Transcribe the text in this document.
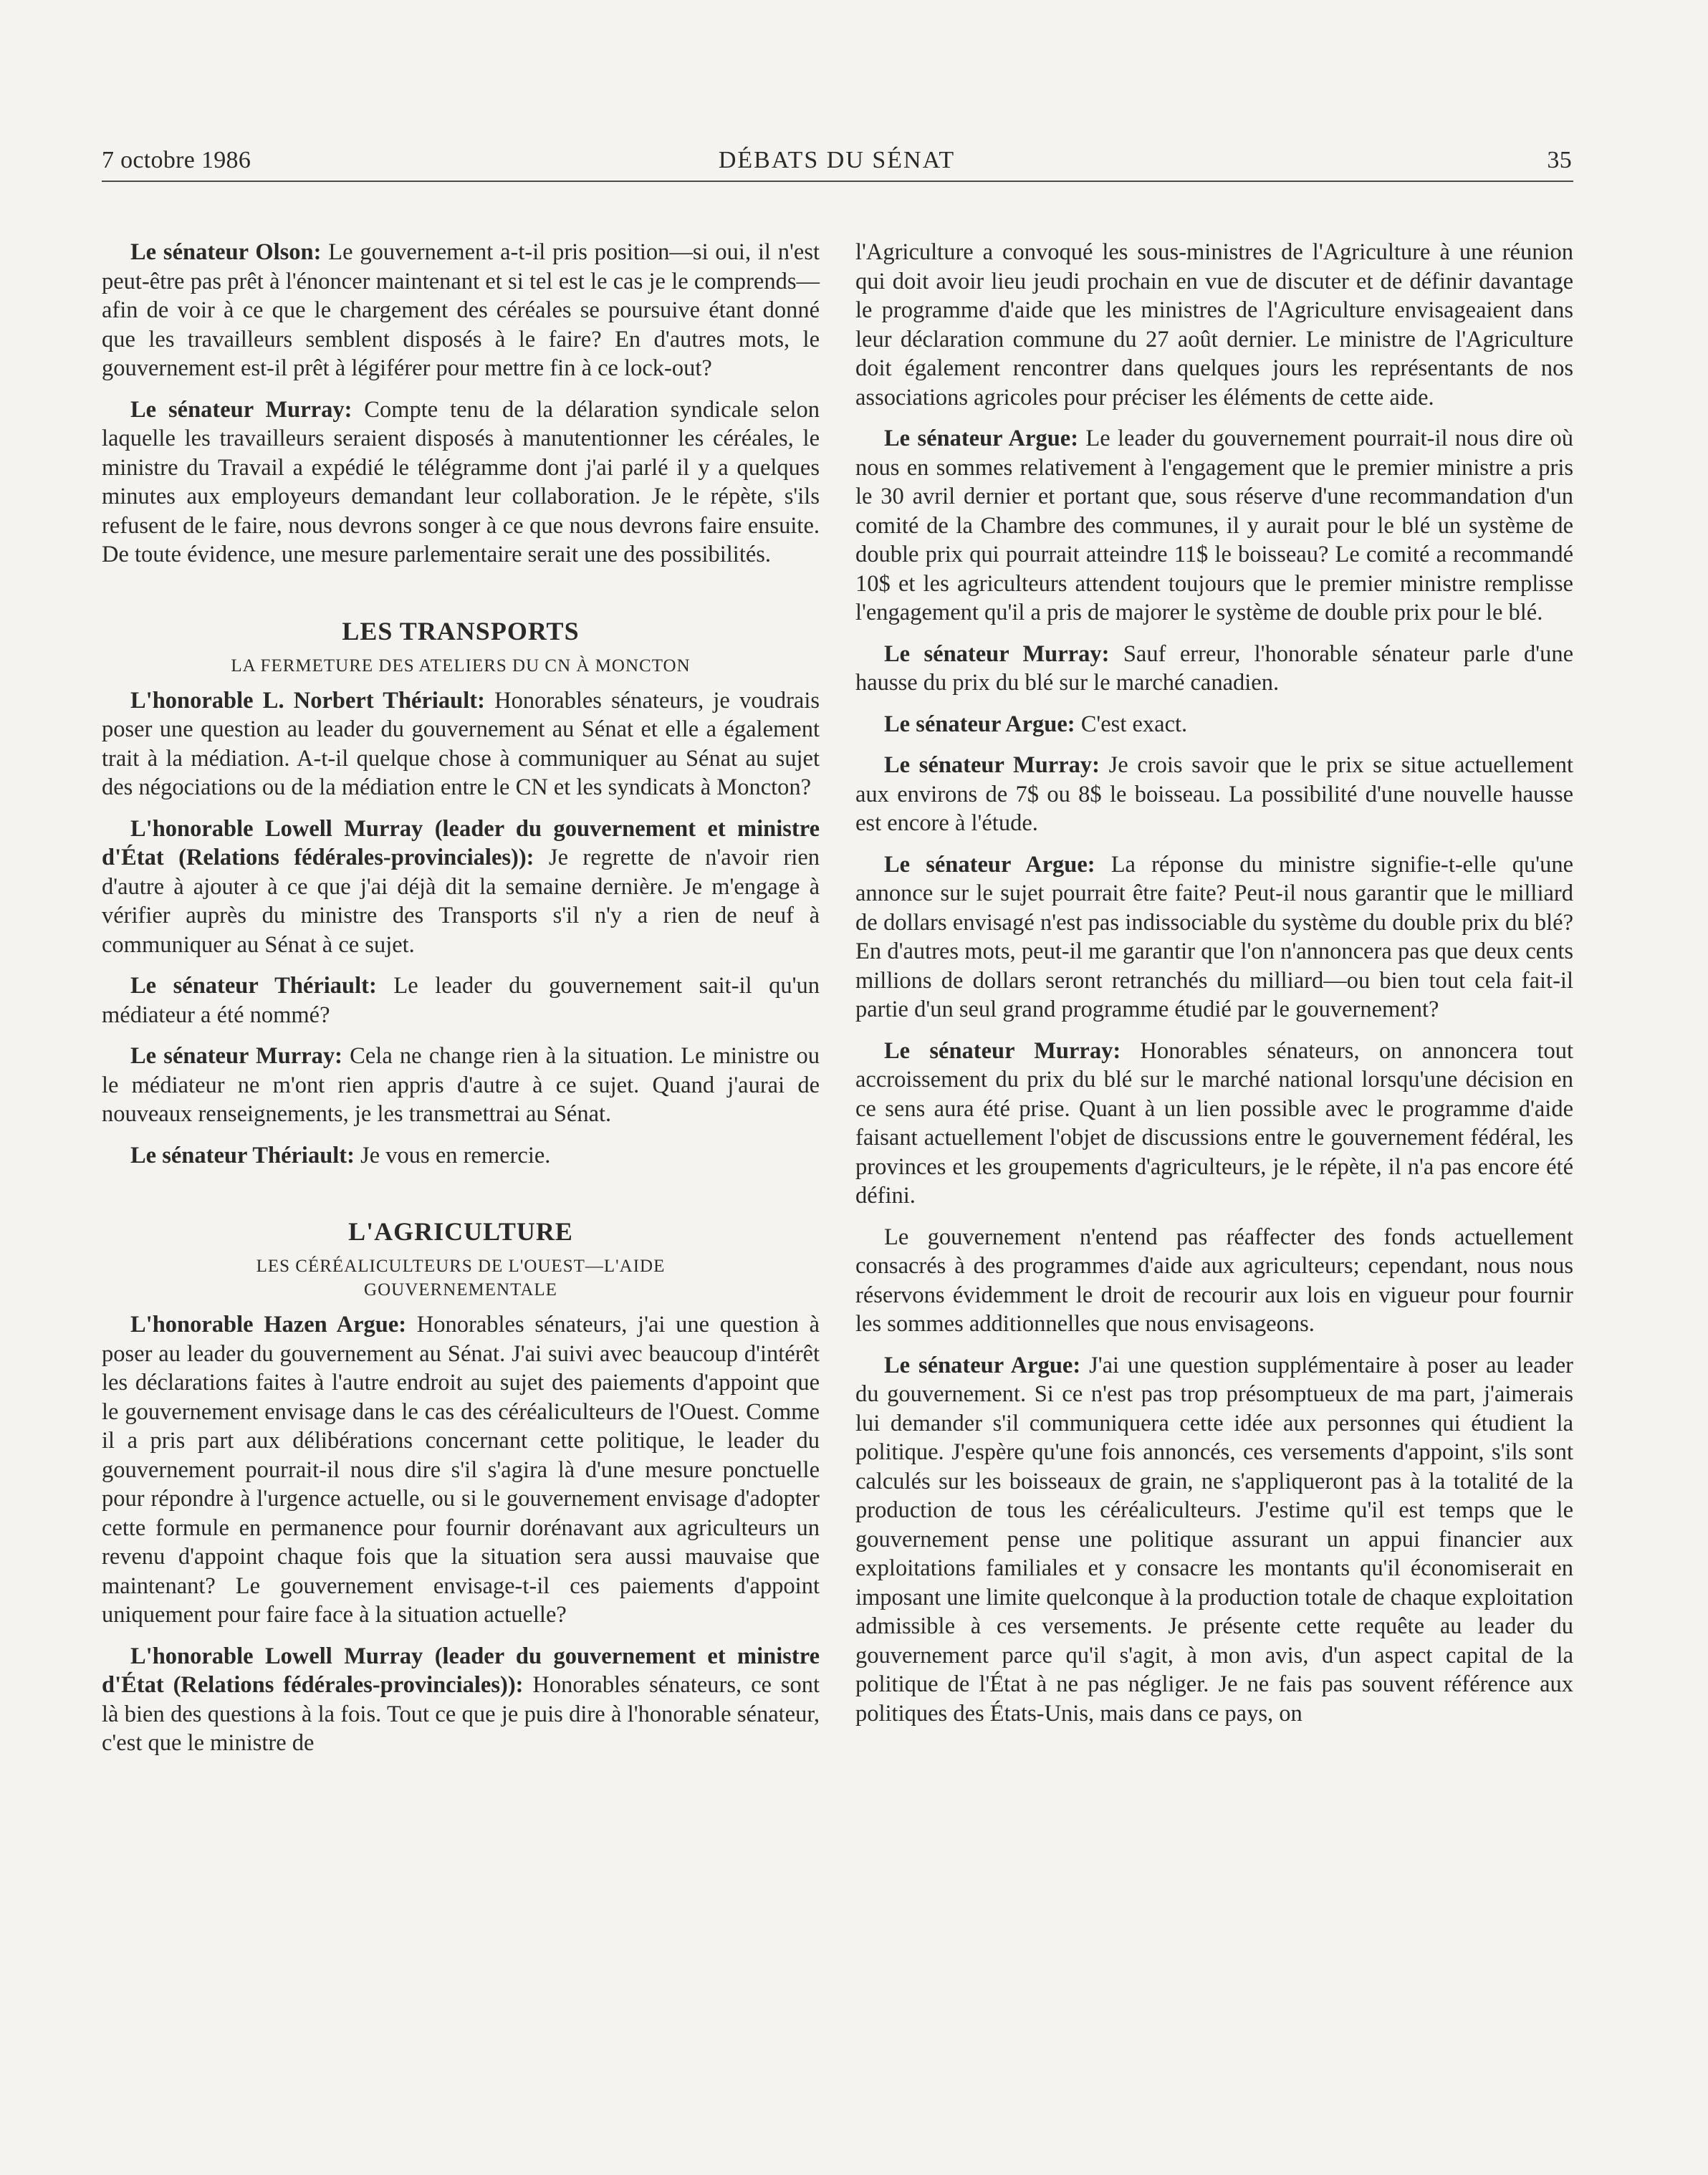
7 octobre 1986	DÉBATS DU SÉNAT	35

Le sénateur Olson: Le gouvernement a-t-il pris position—si oui, il n'est peut-être pas prêt à l'énoncer maintenant et si tel est le cas je le comprends—afin de voir à ce que le chargement des céréales se poursuive étant donné que les travailleurs semblent disposés à le faire? En d'autres mots, le gouvernement est-il prêt à légiférer pour mettre fin à ce lock-out?

Le sénateur Murray: Compte tenu de la délaration syndicale selon laquelle les travailleurs seraient disposés à manutentionner les céréales, le ministre du Travail a expédié le télégramme dont j'ai parlé il y a quelques minutes aux employeurs demandant leur collaboration. Je le répète, s'ils refusent de le faire, nous devrons songer à ce que nous devrons faire ensuite. De toute évidence, une mesure parlementaire serait une des possibilités.

LES TRANSPORTS
LA FERMETURE DES ATELIERS DU CN À MONCTON

L'honorable L. Norbert Thériault: Honorables sénateurs, je voudrais poser une question au leader du gouvernement au Sénat et elle a également trait à la médiation. A-t-il quelque chose à communiquer au Sénat au sujet des négociations ou de la médiation entre le CN et les syndicats à Moncton?

L'honorable Lowell Murray (leader du gouvernement et ministre d'État (Relations fédérales-provinciales)): Je regrette de n'avoir rien d'autre à ajouter à ce que j'ai déjà dit la semaine dernière. Je m'engage à vérifier auprès du ministre des Transports s'il n'y a rien de neuf à communiquer au Sénat à ce sujet.

Le sénateur Thériault: Le leader du gouvernement sait-il qu'un médiateur a été nommé?

Le sénateur Murray: Cela ne change rien à la situation. Le ministre ou le médiateur ne m'ont rien appris d'autre à ce sujet. Quand j'aurai de nouveaux renseignements, je les transmettrai au Sénat.

Le sénateur Thériault: Je vous en remercie.

L'AGRICULTURE
LES CÉRÉALICULTEURS DE L'OUEST—L'AIDE
GOUVERNEMENTALE

L'honorable Hazen Argue: Honorables sénateurs, j'ai une question à poser au leader du gouvernement au Sénat. J'ai suivi avec beaucoup d'intérêt les déclarations faites à l'autre endroit au sujet des paiements d'appoint que le gouvernement envisage dans le cas des céréaliculteurs de l'Ouest. Comme il a pris part aux délibérations concernant cette politique, le leader du gouvernement pourrait-il nous dire s'il s'agira là d'une mesure ponctuelle pour répondre à l'urgence actuelle, ou si le gouvernement envisage d'adopter cette formule en permanence pour fournir dorénavant aux agriculteurs un revenu d'appoint chaque fois que la situation sera aussi mauvaise que maintenant? Le gouvernement envisage-t-il ces paiements d'appoint uniquement pour faire face à la situation actuelle?

L'honorable Lowell Murray (leader du gouvernement et ministre d'État (Relations fédérales-provinciales)): Honorables sénateurs, ce sont là bien des questions à la fois. Tout ce que je puis dire à l'honorable sénateur, c'est que le ministre de

l'Agriculture a convoqué les sous-ministres de l'Agriculture à une réunion qui doit avoir lieu jeudi prochain en vue de discuter et de définir davantage le programme d'aide que les ministres de l'Agriculture envisageaient dans leur déclaration commune du 27 août dernier. Le ministre de l'Agriculture doit également rencontrer dans quelques jours les représentants de nos associations agricoles pour préciser les éléments de cette aide.

Le sénateur Argue: Le leader du gouvernement pourrait-il nous dire où nous en sommes relativement à l'engagement que le premier ministre a pris le 30 avril dernier et portant que, sous réserve d'une recommandation d'un comité de la Chambre des communes, il y aurait pour le blé un système de double prix qui pourrait atteindre 11$ le boisseau? Le comité a recommandé 10$ et les agriculteurs attendent toujours que le premier ministre remplisse l'engagement qu'il a pris de majorer le système de double prix pour le blé.

Le sénateur Murray: Sauf erreur, l'honorable sénateur parle d'une hausse du prix du blé sur le marché canadien.

Le sénateur Argue: C'est exact.

Le sénateur Murray: Je crois savoir que le prix se situe actuellement aux environs de 7$ ou 8$ le boisseau. La possibilité d'une nouvelle hausse est encore à l'étude.

Le sénateur Argue: La réponse du ministre signifie-t-elle qu'une annonce sur le sujet pourrait être faite? Peut-il nous garantir que le milliard de dollars envisagé n'est pas indissociable du système du double prix du blé? En d'autres mots, peut-il me garantir que l'on n'annoncera pas que deux cents millions de dollars seront retranchés du milliard—ou bien tout cela fait-il partie d'un seul grand programme étudié par le gouvernement?

Le sénateur Murray: Honorables sénateurs, on annoncera tout accroissement du prix du blé sur le marché national lorsqu'une décision en ce sens aura été prise. Quant à un lien possible avec le programme d'aide faisant actuellement l'objet de discussions entre le gouvernement fédéral, les provinces et les groupements d'agriculteurs, je le répète, il n'a pas encore été défini.

Le gouvernement n'entend pas réaffecter des fonds actuellement consacrés à des programmes d'aide aux agriculteurs; cependant, nous nous réservons évidemment le droit de recourir aux lois en vigueur pour fournir les sommes additionnelles que nous envisageons.

Le sénateur Argue: J'ai une question supplémentaire à poser au leader du gouvernement. Si ce n'est pas trop présomptueux de ma part, j'aimerais lui demander s'il communiquera cette idée aux personnes qui étudient la politique. J'espère qu'une fois annoncés, ces versements d'appoint, s'ils sont calculés sur les boisseaux de grain, ne s'appliqueront pas à la totalité de la production de tous les céréaliculteurs. J'estime qu'il est temps que le gouvernement pense une politique assurant un appui financier aux exploitations familiales et y consacre les montants qu'il économiserait en imposant une limite quelconque à la production totale de chaque exploitation admissible à ces versements. Je présente cette requête au leader du gouvernement parce qu'il s'agit, à mon avis, d'un aspect capital de la politique de l'État à ne pas négliger. Je ne fais pas souvent référence aux politiques des États-Unis, mais dans ce pays, on
